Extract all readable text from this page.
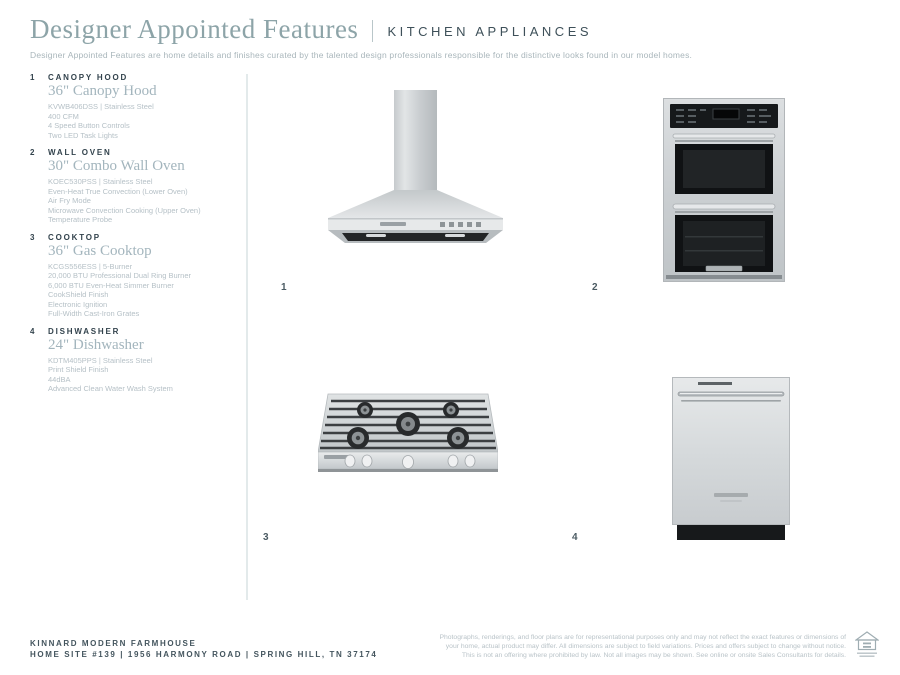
Designer Appointed Features KITCHEN APPLIANCES

Designer Appointed Features are home details and finishes curated by the talented design professionals responsible for the distinctive looks found in our model homes.

1	CANOPY HOOD
36" Canopy Hood
KVWB406DSS | Stainless Steel
400 CFM
4 Speed Button Controls
Two LED Task Lights
2	WALL OVEN
30" Combo Wall Oven
KOEC530PSS | Stainless Steel
Even-Heat True Convection (Lower Oven)
Air Fry Mode
Microwave Convection Cooking (Upper Oven)
Temperature Probe
3	COOKTOP
36" Gas Cooktop
KCGS556ESS | 5-Burner
20,000 BTU Professional Dual Ring Burner
6,000 BTU Even-Heat Simmer Burner
CookShield Finish
Electronic Ignition
Full-Width Cast-Iron Grates
4	DISHWASHER
24" Dishwasher
KDTM405PPS | Stainless Steel
Print Shield Finish
44dBA
Advanced Clean Water Wash System
1	2
3	4
KINNARD MODERN FARMHOUSE
HOME SITE #139 | 1956 HARMONY ROAD | SPRING HILL, TN 37174
Photographs, renderings, and floor plans are for representational purposes only and may not reflect the exact features or dimensions of your home, actual product may differ. All dimensions are subject to field variations. Prices and offers subject to change without notice. This is not an offering where prohibited by law. Not all images may be shown. See online or onsite Sales Consultants for details.
